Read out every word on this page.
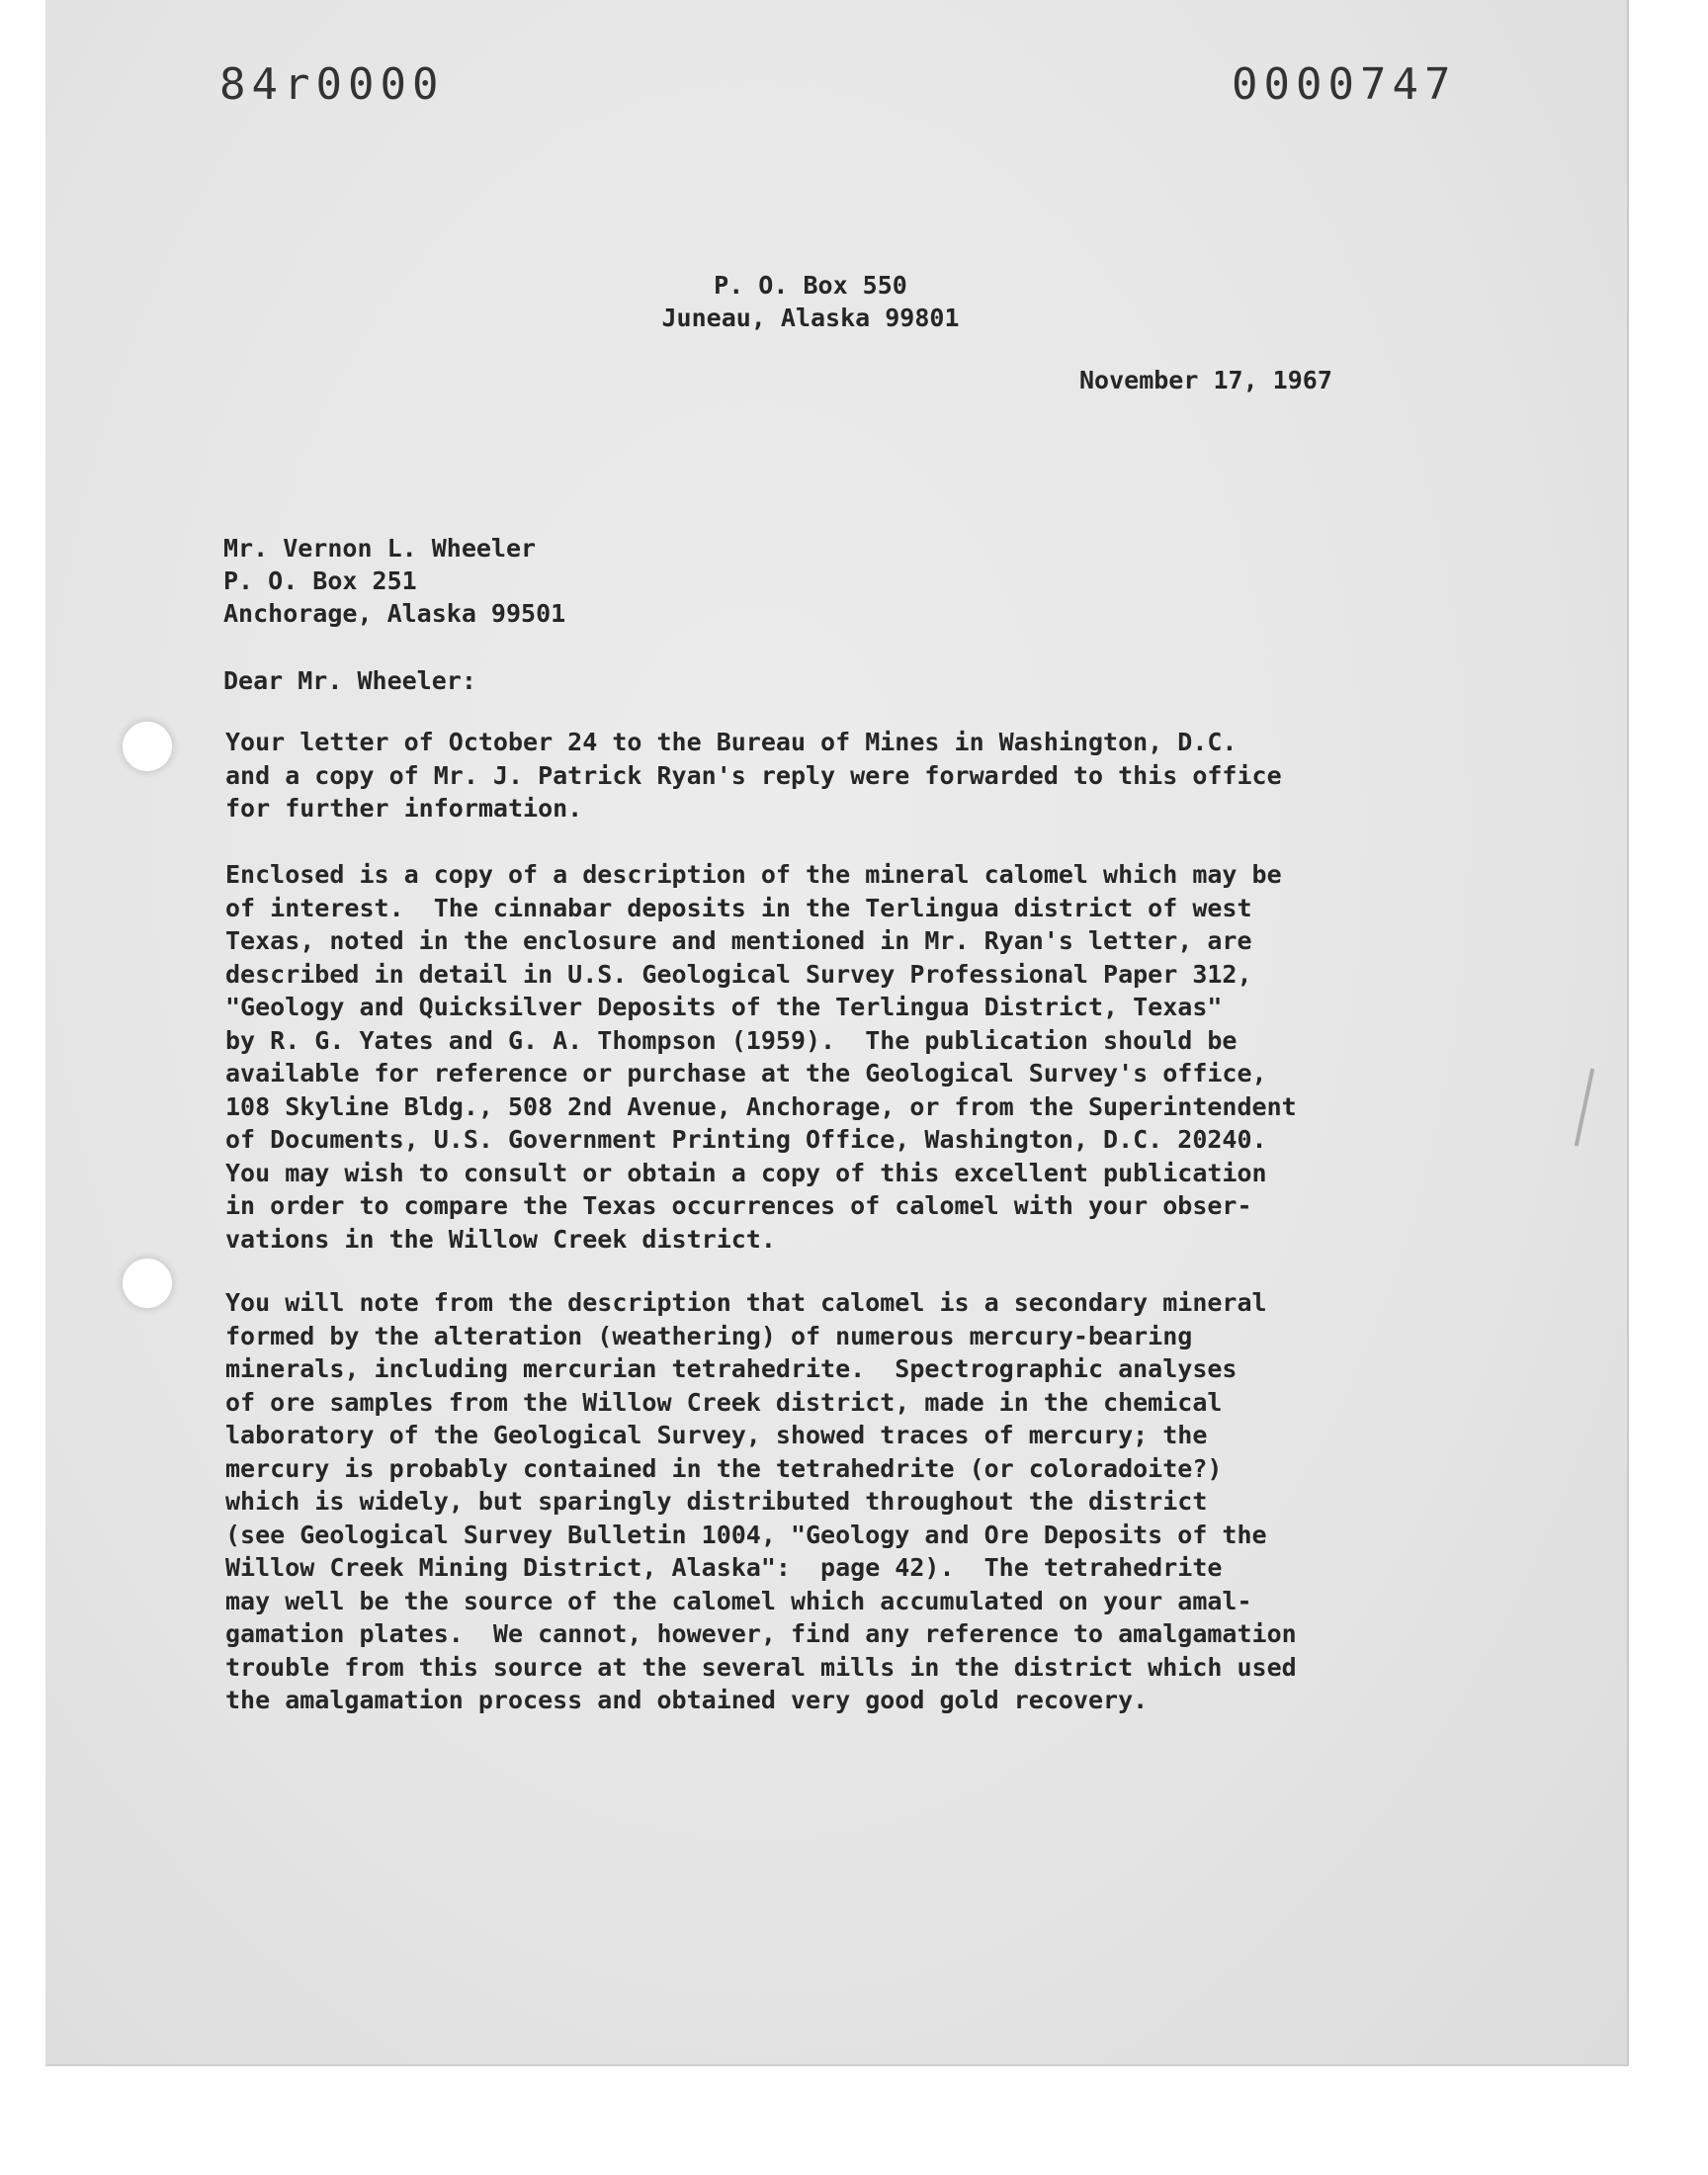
84r0000	0000747
P. O. Box 550
Juneau, Alaska 99801
November 17, 1967
Mr. Vernon L. Wheeler
P. O. Box 251
Anchorage, Alaska 99501
Dear Mr. Wheeler:
Your letter of October 24 to the Bureau of Mines in Washington, D.C.
and a copy of Mr. J. Patrick Ryan's reply were forwarded to this office
for further information.
Enclosed is a copy of a description of the mineral calomel which may be
of interest.  The cinnabar deposits in the Terlingua district of west
Texas, noted in the enclosure and mentioned in Mr. Ryan's letter, are
described in detail in U.S. Geological Survey Professional Paper 312,
"Geology and Quicksilver Deposits of the Terlingua District, Texas"
by R. G. Yates and G. A. Thompson (1959).  The publication should be
available for reference or purchase at the Geological Survey's office,
108 Skyline Bldg., 508 2nd Avenue, Anchorage, or from the Superintendent
of Documents, U.S. Government Printing Office, Washington, D.C. 20240.
You may wish to consult or obtain a copy of this excellent publication
in order to compare the Texas occurrences of calomel with your obser-
vations in the Willow Creek district.
You will note from the description that calomel is a secondary mineral
formed by the alteration (weathering) of numerous mercury-bearing
minerals, including mercurian tetrahedrite.  Spectrographic analyses
of ore samples from the Willow Creek district, made in the chemical
laboratory of the Geological Survey, showed traces of mercury; the
mercury is probably contained in the tetrahedrite (or coloradoite?)
which is widely, but sparingly distributed throughout the district
(see Geological Survey Bulletin 1004, "Geology and Ore Deposits of the
Willow Creek Mining District, Alaska":  page 42).  The tetrahedrite
may well be the source of the calomel which accumulated on your amal-
gamation plates.  We cannot, however, find any reference to amalgamation
trouble from this source at the several mills in the district which used
the amalgamation process and obtained very good gold recovery.
